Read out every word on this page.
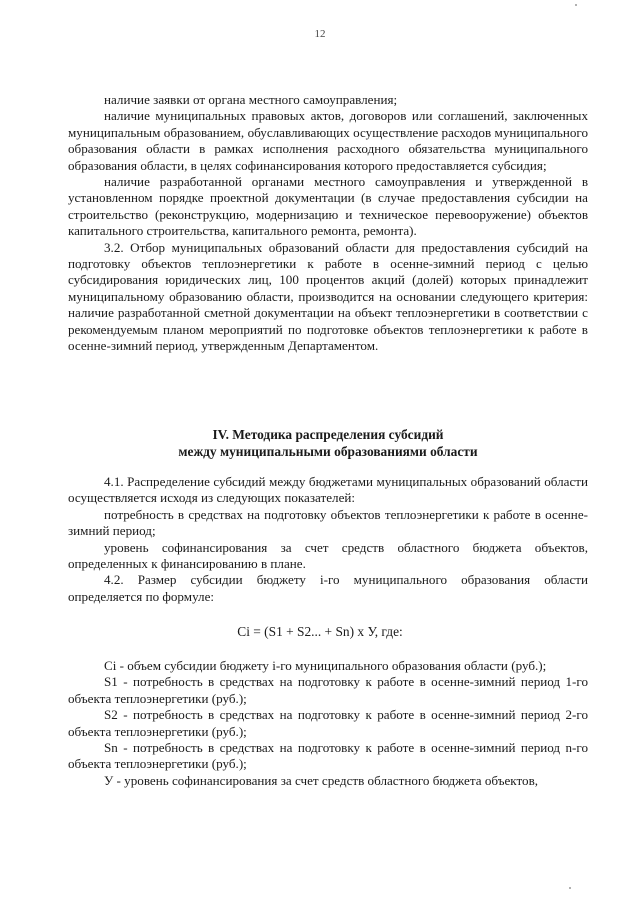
12

наличие заявки от органа местного самоуправления;

наличие муниципальных правовых актов, договоров или соглашений, заключенных муниципальным образованием, обуславливающих осуществление расходов муниципального образования области в рамках исполнения расходного обязательства муниципального образования области, в целях софинансирования которого предоставляется субсидия;

наличие разработанной органами местного самоуправления и утвержденной в установленном порядке проектной документации (в случае предоставления субсидии на строительство (реконструкцию, модернизацию и техническое перевооружение) объектов капитального строительства, капитального ремонта, ремонта).

3.2. Отбор муниципальных образований области для предоставления субсидий на подготовку объектов теплоэнергетики к работе в осенне-зимний период с целью субсидирования юридических лиц, 100 процентов акций (долей) которых принадлежит муниципальному образованию области, производится на основании следующего критерия: наличие разработанной сметной документации на объект теплоэнергетики в соответствии с рекомендуемым планом мероприятий по подготовке объектов теплоэнергетики к работе в осенне-зимний период, утвержденным Департаментом.

IV. Методика распределения субсидий
между муниципальными образованиями области

4.1. Распределение субсидий между бюджетами муниципальных образований области осуществляется исходя из следующих показателей:

потребность в средствах на подготовку объектов теплоэнергетики к работе в осенне-зимний период;

уровень софинансирования за счет средств областного бюджета объектов, определенных к финансированию в плане.

4.2. Размер субсидии бюджету i-го муниципального образования области определяется по формуле:

Ci = (S1 + S2... + Sn) х У, где:

Ci - объем субсидии бюджету i-го муниципального образования области (руб.);

S1 - потребность в средствах на подготовку к работе в осенне-зимний период 1-го объекта теплоэнергетики (руб.);

S2 - потребность в средствах на подготовку к работе в осенне-зимний период 2-го объекта теплоэнергетики (руб.);

Sn - потребность в средствах на подготовку к работе в осенне-зимний период n-го объекта теплоэнергетики (руб.);

У - уровень софинансирования за счет средств областного бюджета объектов,
